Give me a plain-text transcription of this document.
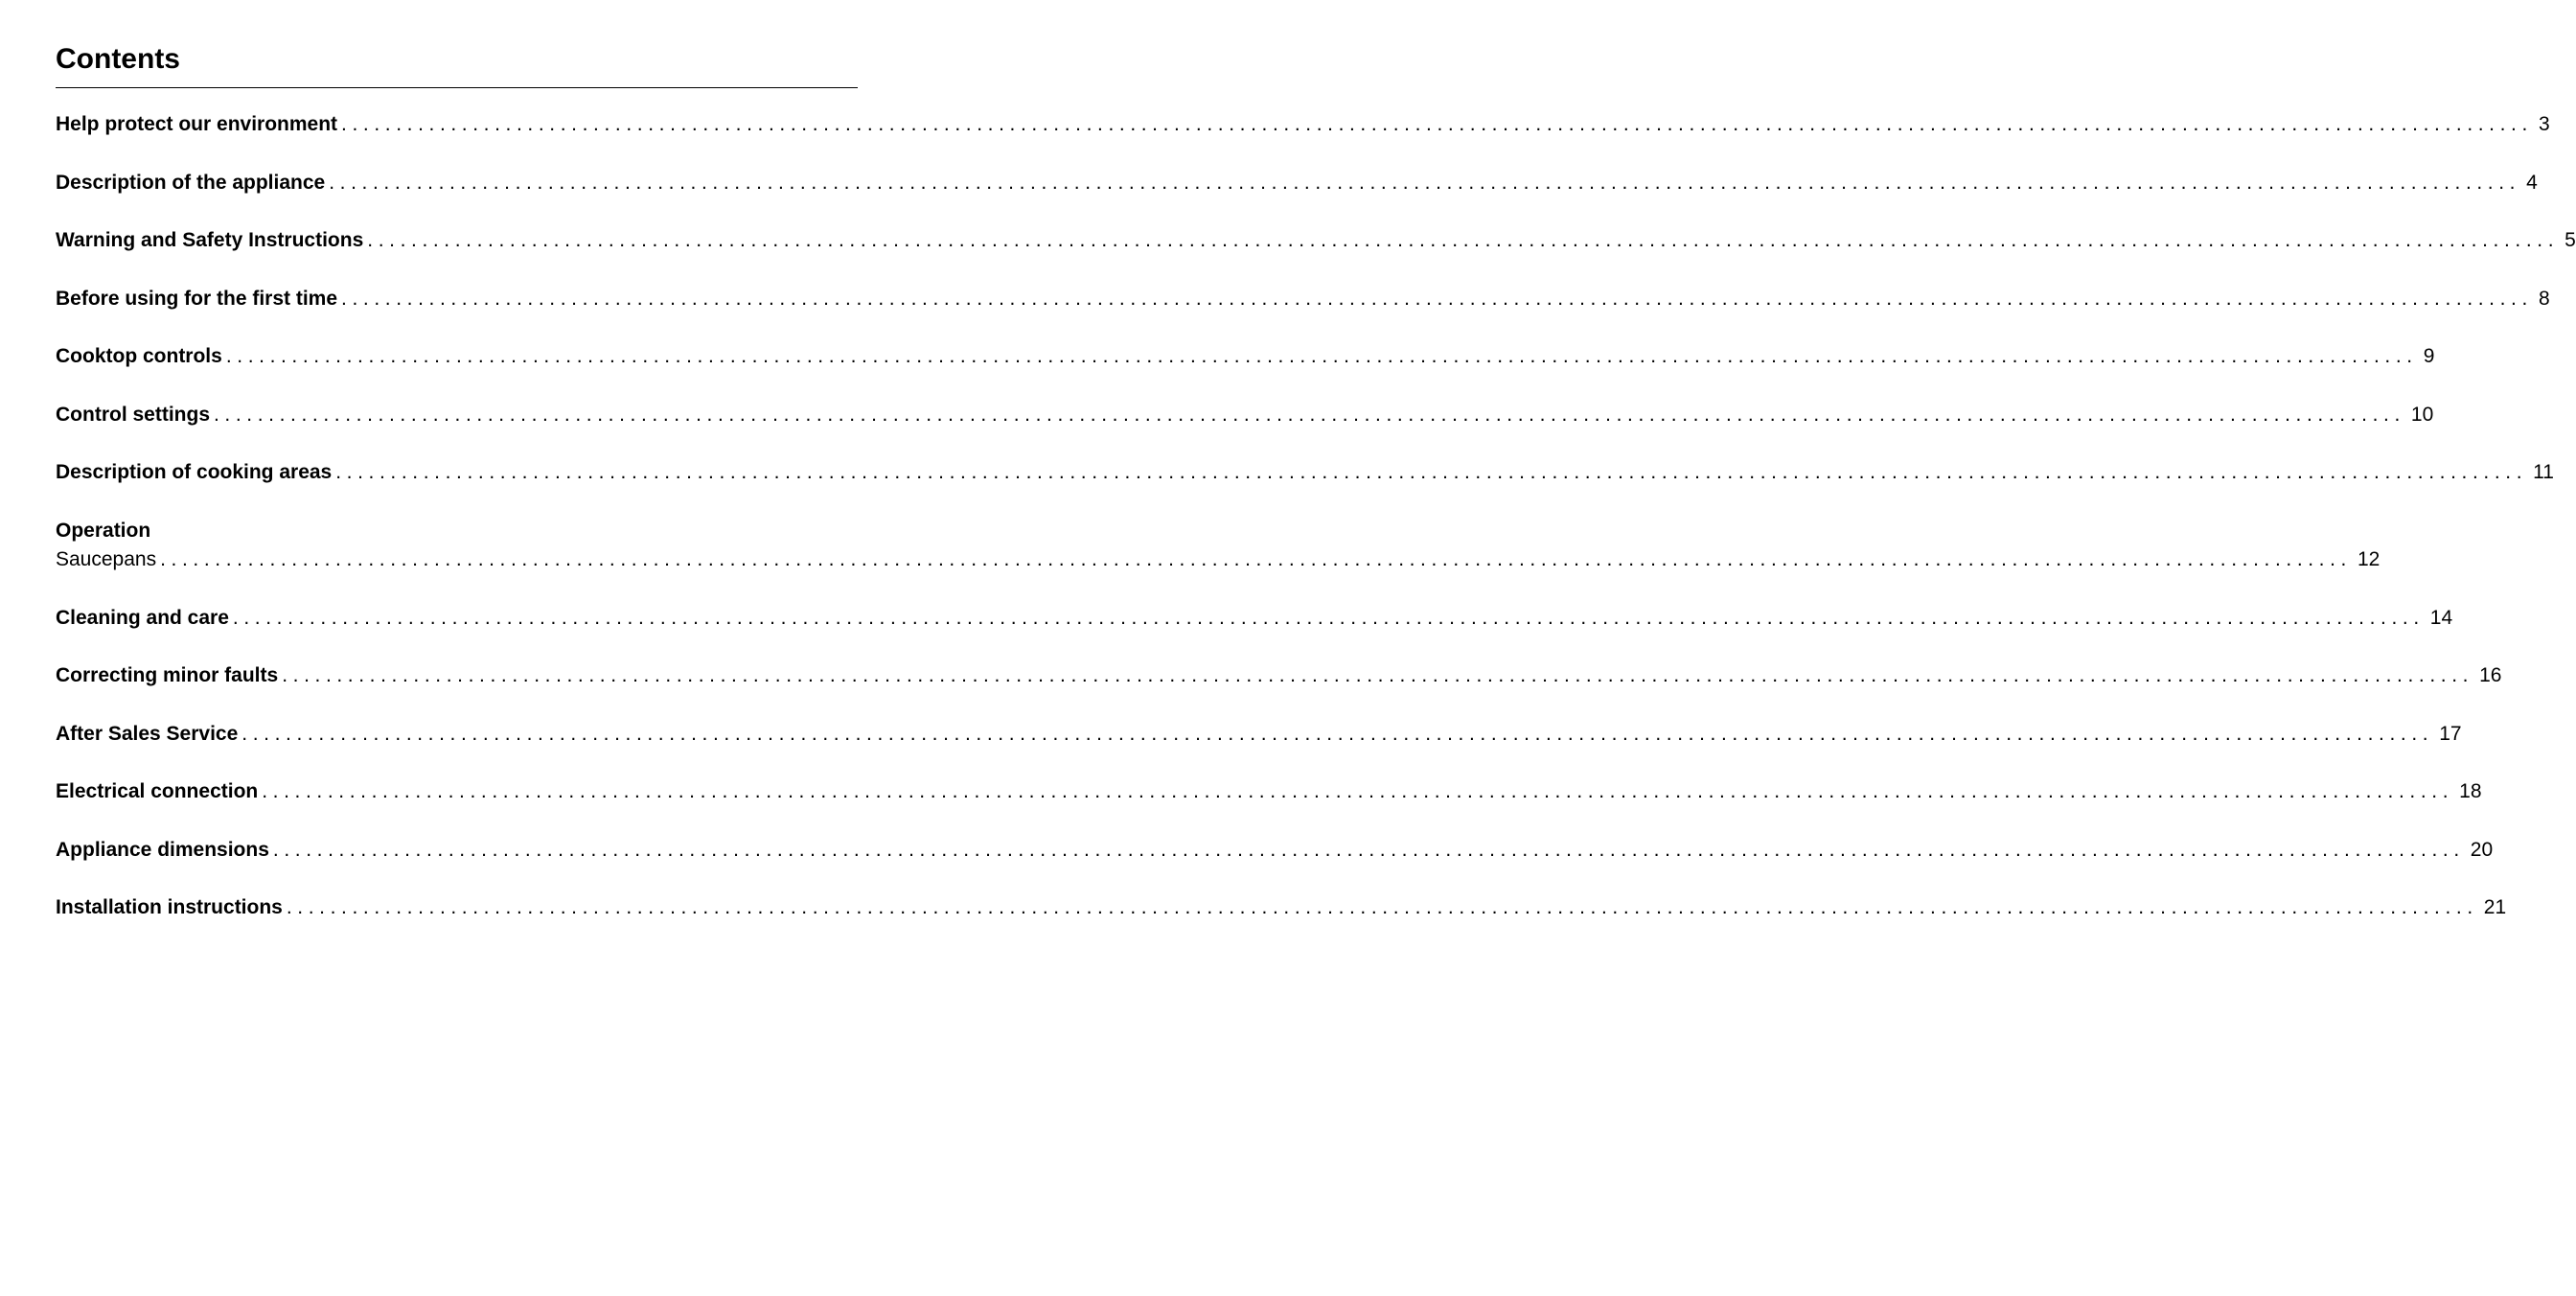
Contents
Help protect our environment ........................................................................................................................................................................................................ 3
Description of the appliance ........................................................................................................................................................................................................ 4
Warning and Safety Instructions ........................................................................................................................................................................................................ 5
Before using for the first time ........................................................................................................................................................................................................ 8
Cooktop controls ........................................................................................................................................................................................................ 9
Control settings ........................................................................................................................................................................................................ 10
Description of cooking areas ........................................................................................................................................................................................................ 11
Operation
Saucepans ........................................................................................................................................................................................................ 12
Cleaning and care ........................................................................................................................................................................................................ 14
Correcting minor faults ........................................................................................................................................................................................................ 16
After Sales Service ........................................................................................................................................................................................................ 17
Electrical connection ........................................................................................................................................................................................................ 18
Appliance dimensions ........................................................................................................................................................................................................ 20
Installation instructions ........................................................................................................................................................................................................ 21
